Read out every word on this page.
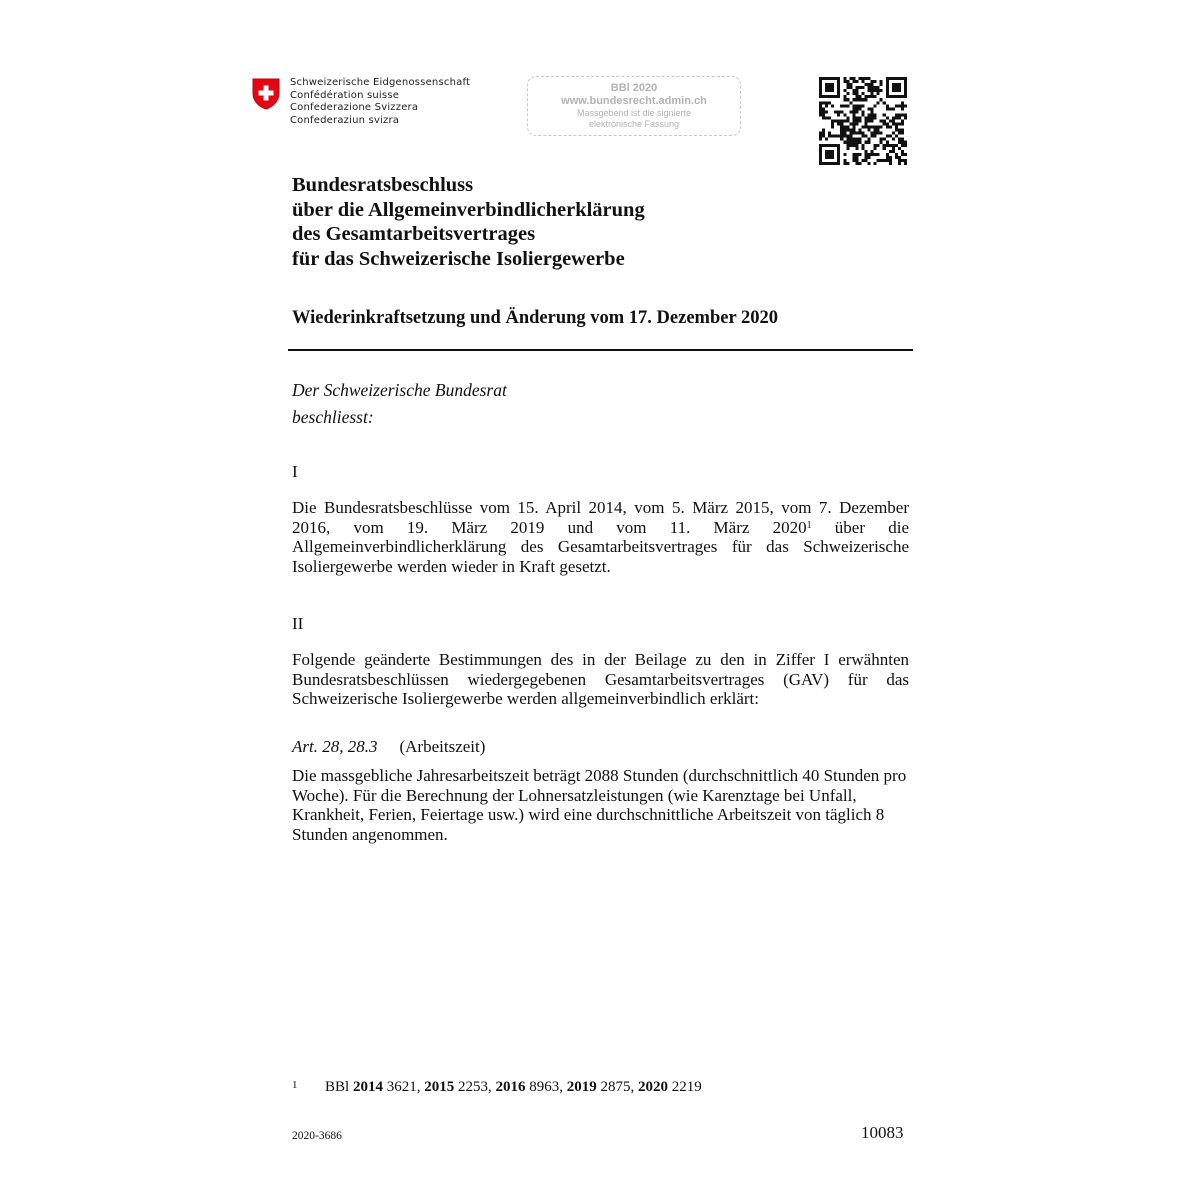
Schweizerische Eidgenossenschaft
Confédération suisse
Confederazione Svizzera
Confederaziun svizra
BBl 2020
www.bundesrecht.admin.ch
Massgebend ist die signierte
elektronische Fassung
Bundesratsbeschluss
über die Allgemeinverbindlicherklärung
des Gesamtarbeitsvertrages
für das Schweizerische Isoliergewerbe
Wiederinkraftsetzung und Änderung vom 17. Dezember 2020
Der Schweizerische Bundesrat
beschliesst:
I
Die Bundesratsbeschlüsse vom 15. April 2014, vom 5. März 2015, vom 7. Dezember 2016, vom 19. März 2019 und vom 11. März 2020$^1$ über die Allgemeinverbindlicherklärung des Gesamtarbeitsvertrages für das Schweizerische Isoliergewerbe werden wieder in Kraft gesetzt.
II
Folgende geänderte Bestimmungen des in der Beilage zu den in Ziffer I erwähnten Bundesratsbeschlüssen wiedergegebenen Gesamtarbeitsvertrages (GAV) für das Schweizerische Isoliergewerbe werden allgemeinverbindlich erklärt:
Art. 28, 28.3 (Arbeitszeit)
Die massgebliche Jahresarbeitszeit beträgt 2088 Stunden (durchschnittlich 40 Stunden pro Woche). Für die Berechnung der Lohnersatzleistungen (wie Karenztage bei Unfall, Krankheit, Ferien, Feiertage usw.) wird eine durchschnittliche Arbeitszeit von täglich 8 Stunden angenommen.
$^1$ BBl 2014 3621, 2015 2253, 2016 8963, 2019 2875, 2020 2219
2020-3686	10083
